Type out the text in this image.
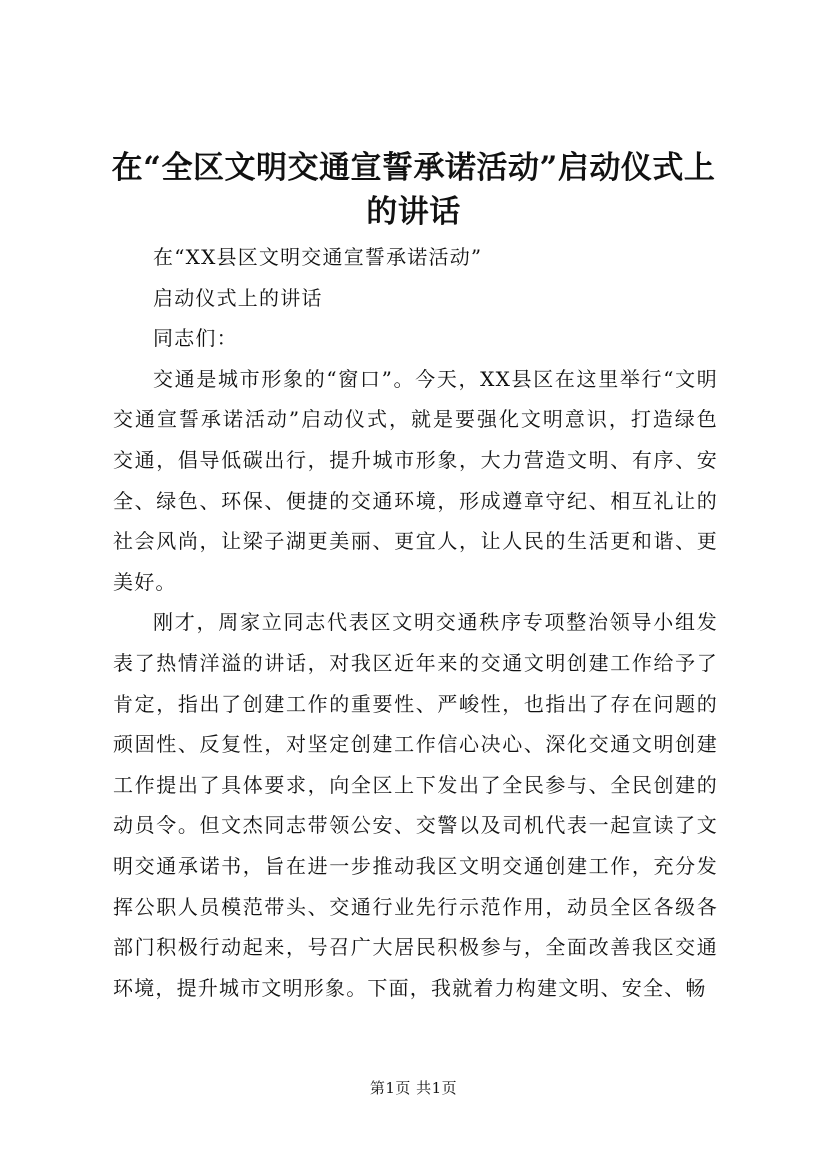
在“全区文明交通宣誓承诺活动”启动仪式上
的讲话

在“XX县区文明交通宣誓承诺活动”

启动仪式上的讲话

同志们：

交通是城市形象的“窗口”。今天，XX县区在这里举行“文明交通宣誓承诺活动”启动仪式，就是要强化文明意识，打造绿色交通，倡导低碳出行，提升城市形象，大力营造文明、有序、安全、绿色、环保、便捷的交通环境，形成遵章守纪、相互礼让的社会风尚，让梁子湖更美丽、更宜人，让人民的生活更和谐、更美好。

刚才，周家立同志代表区文明交通秩序专项整治领导小组发表了热情洋溢的讲话，对我区近年来的交通文明创建工作给予了肯定，指出了创建工作的重要性、严峻性，也指出了存在问题的顽固性、反复性，对坚定创建工作信心决心、深化交通文明创建工作提出了具体要求，向全区上下发出了全民参与、全民创建的动员令。但文杰同志带领公安、交警以及司机代表一起宣读了文明交通承诺书，旨在进一步推动我区文明交通创建工作，充分发挥公职人员模范带头、交通行业先行示范作用，动员全区各级各部门积极行动起来，号召广大居民积极参与，全面改善我区交通环境，提升城市文明形象。下面，我就着力构建文明、安全、畅

第1页 共1页
